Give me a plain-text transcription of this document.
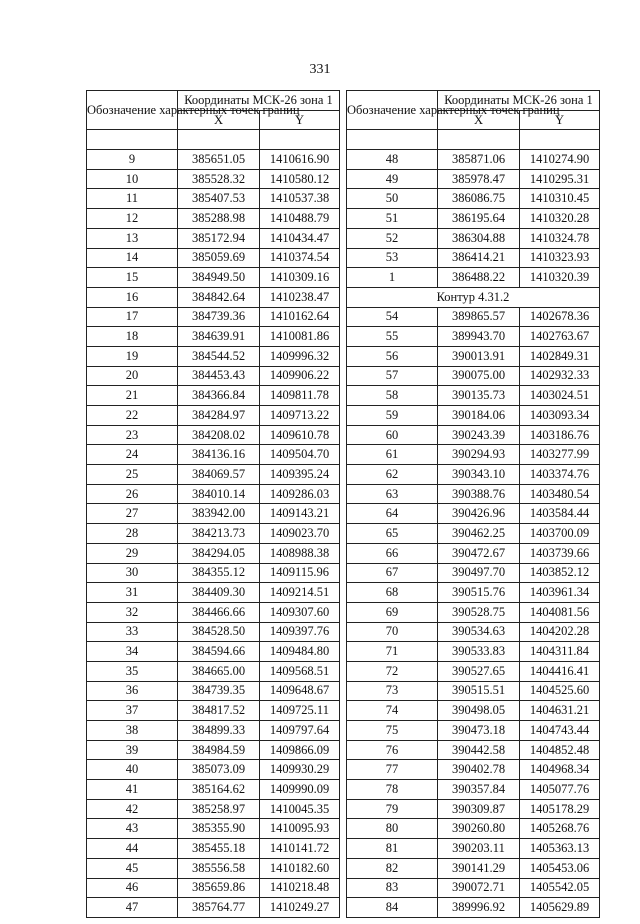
331
Обозначение характерных точек границ	Координаты МСК-26 зона 1	
	X	Y

9	385651.05	1410616.90
10	385528.32	1410580.12
11	385407.53	1410537.38
12	385288.98	1410488.79
13	385172.94	1410434.47
14	385059.69	1410374.54
15	384949.50	1410309.16
16	384842.64	1410238.47
17	384739.36	1410162.64
18	384639.91	1410081.86
19	384544.52	1409996.32
20	384453.43	1409906.22
21	384366.84	1409811.78
22	384284.97	1409713.22
23	384208.02	1409610.78
24	384136.16	1409504.70
25	384069.57	1409395.24
26	384010.14	1409286.03
27	383942.00	1409143.21
28	384213.73	1409023.70
29	384294.05	1408988.38
30	384355.12	1409115.96
31	384409.30	1409214.51
32	384466.66	1409307.60
33	384528.50	1409397.76
34	384594.66	1409484.80
35	384665.00	1409568.51
36	384739.35	1409648.67
37	384817.52	1409725.11
38	384899.33	1409797.64
39	384984.59	1409866.09
40	385073.09	1409930.29
41	385164.62	1409990.09
42	385258.97	1410045.35
43	385355.90	1410095.93
44	385455.18	1410141.72
45	385556.58	1410182.60
46	385659.86	1410218.48
47	385764.77	1410249.27
Обозначение характерных точек границ	Координаты МСК-26 зона 1	
	X	Y

48	385871.06	1410274.90
49	385978.47	1410295.31
50	386086.75	1410310.45
51	386195.64	1410320.28
52	386304.88	1410324.78
53	386414.21	1410323.93
1	386488.22	1410320.39
Контур 4.31.2		
54	389865.57	1402678.36
55	389943.70	1402763.67
56	390013.91	1402849.31
57	390075.00	1402932.33
58	390135.73	1403024.51
59	390184.06	1403093.34
60	390243.39	1403186.76
61	390294.93	1403277.99
62	390343.10	1403374.76
63	390388.76	1403480.54
64	390426.96	1403584.44
65	390462.25	1403700.09
66	390472.67	1403739.66
67	390497.70	1403852.12
68	390515.76	1403961.34
69	390528.75	1404081.56
70	390534.63	1404202.28
71	390533.83	1404311.84
72	390527.65	1404416.41
73	390515.51	1404525.60
74	390498.05	1404631.21
75	390473.18	1404743.44
76	390442.58	1404852.48
77	390402.78	1404968.34
78	390357.84	1405077.76
79	390309.87	1405178.29
80	390260.80	1405268.76
81	390203.11	1405363.13
82	390141.29	1405453.06
83	390072.71	1405542.05
84	389996.92	1405629.89
